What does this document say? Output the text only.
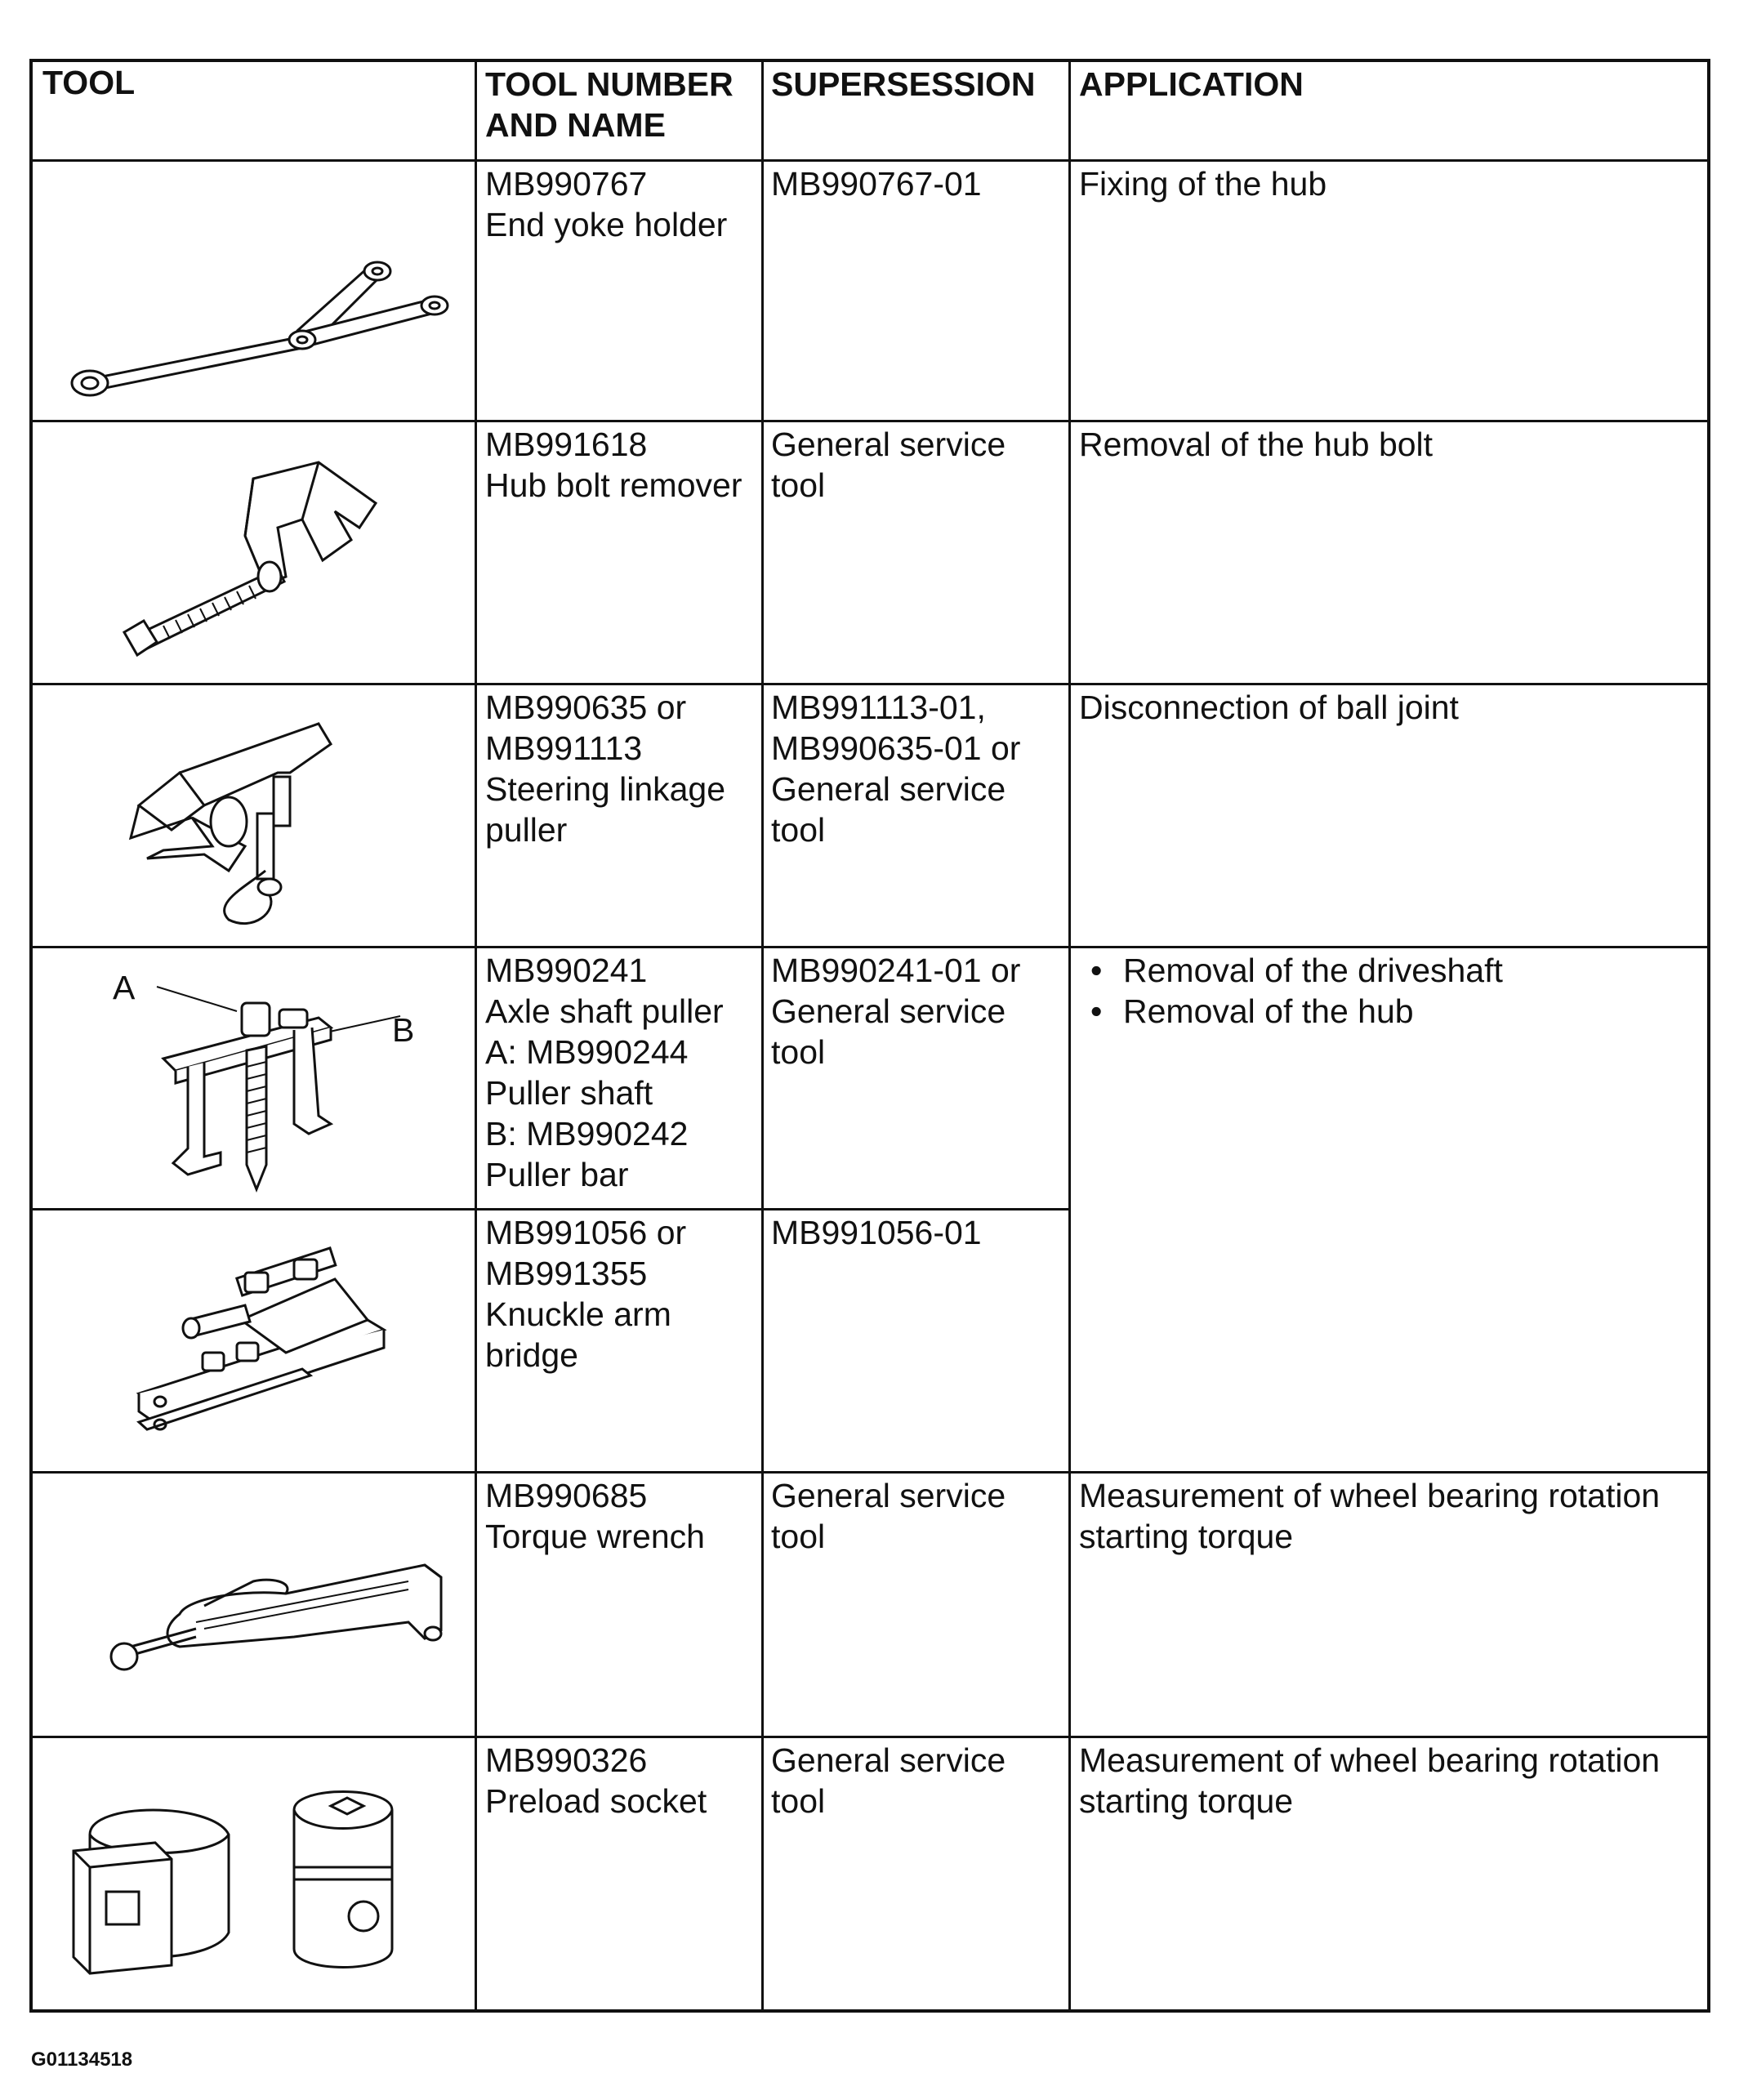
TOOL	TOOL NUMBER
AND NAME
SUPERSESSION APPLICATION
MB990767
End yoke holder
MB990767-01	Fixing of the hub
MB991618
Hub bolt remover
General service
tool
Removal of the hub bolt
MB990635 or
MB991113
Steering linkage
puller
MB991113-01,
MB990635-01 or
General service
tool
Disconnection of ball joint
MB990241
Axle shaft puller
A: MB990244
Puller shaft
B: MB990242
Puller bar
MB990241-01 or
General service
tool
• Removal of the driveshaft
• Removal of the hub
A
B
MB991056 or
MB991355
Knuckle arm
bridge
MB991056-01
MB990685
Torque wrench
General service
tool
Measurement of wheel bearing rotation
starting torque
MB990326
Preload socket
General service
tool
Measurement of wheel bearing rotation
starting torque
G01134518
